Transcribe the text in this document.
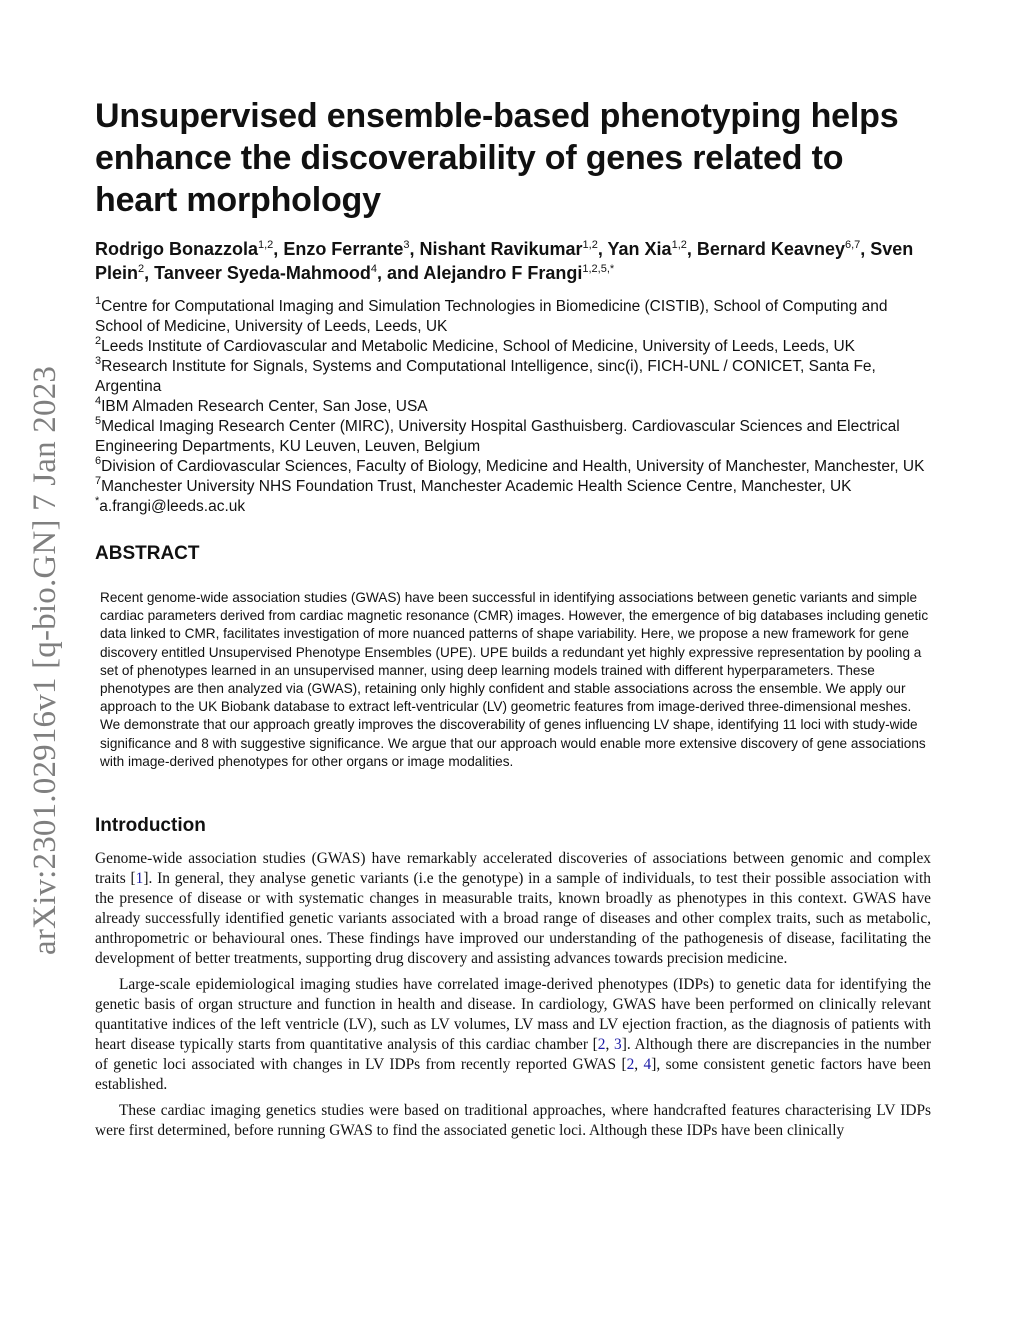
arXiv:2301.02916v1 [q-bio.GN] 7 Jan 2023
Unsupervised ensemble-based phenotyping helps enhance the discoverability of genes related to heart morphology
Rodrigo Bonazzola$^{1,2}$, Enzo Ferrante$^3$, Nishant Ravikumar$^{1,2}$, Yan Xia$^{1,2}$, Bernard Keavney$^{6,7}$, Sven Plein$^2$, Tanveer Syeda-Mahmood$^4$, and Alejandro F Frangi$^{1,2,5,*}$

$^1$Centre for Computational Imaging and Simulation Technologies in Biomedicine (CISTIB), School of Computing and School of Medicine, University of Leeds, Leeds, UK

$^2$Leeds Institute of Cardiovascular and Metabolic Medicine, School of Medicine, University of Leeds, Leeds, UK

$^3$Research Institute for Signals, Systems and Computational Intelligence, sinc(i), FICH-UNL / CONICET, Santa Fe, Argentina

$^4$IBM Almaden Research Center, San Jose, USA

$^5$Medical Imaging Research Center (MIRC), University Hospital Gasthuisberg. Cardiovascular Sciences and Electrical Engineering Departments, KU Leuven, Leuven, Belgium

$^6$Division of Cardiovascular Sciences, Faculty of Biology, Medicine and Health, University of Manchester, Manchester, UK

$^7$Manchester University NHS Foundation Trust, Manchester Academic Health Science Centre, Manchester, UK

*a.frangi@leeds.ac.uk

ABSTRACT

Recent genome-wide association studies (GWAS) have been successful in identifying associations between genetic variants and simple cardiac parameters derived from cardiac magnetic resonance (CMR) images. However, the emergence of big databases including genetic data linked to CMR, facilitates investigation of more nuanced patterns of shape variability. Here, we propose a new framework for gene discovery entitled Unsupervised Phenotype Ensembles (UPE). UPE builds a redundant yet highly expressive representation by pooling a set of phenotypes learned in an unsupervised manner, using deep learning models trained with different hyperparameters. These phenotypes are then analyzed via (GWAS), retaining only highly confident and stable associations across the ensemble. We apply our approach to the UK Biobank database to extract left-ventricular (LV) geometric features from image-derived three-dimensional meshes. We demonstrate that our approach greatly improves the discoverability of genes influencing LV shape, identifying 11 loci with study-wide significance and 8 with suggestive significance. We argue that our approach would enable more extensive discovery of gene associations with image-derived phenotypes for other organs or image modalities.

Introduction

Genome-wide association studies (GWAS) have remarkably accelerated discoveries of associations between genomic and complex traits [1]. In general, they analyse genetic variants (i.e the genotype) in a sample of individuals, to test their possible association with the presence of disease or with systematic changes in measurable traits, known broadly as phenotypes in this context. GWAS have already successfully identified genetic variants associated with a broad range of diseases and other complex traits, such as metabolic, anthropometric or behavioural ones. These findings have improved our understanding of the pathogenesis of disease, facilitating the development of better treatments, supporting drug discovery and assisting advances towards precision medicine.

Large-scale epidemiological imaging studies have correlated image-derived phenotypes (IDPs) to genetic data for identifying the genetic basis of organ structure and function in health and disease. In cardiology, GWAS have been performed on clinically relevant quantitative indices of the left ventricle (LV), such as LV volumes, LV mass and LV ejection fraction, as the diagnosis of patients with heart disease typically starts from quantitative analysis of this cardiac chamber [2, 3]. Although there are discrepancies in the number of genetic loci associated with changes in LV IDPs from recently reported GWAS [2, 4], some consistent genetic factors have been established.

These cardiac imaging genetics studies were based on traditional approaches, where handcrafted features characterising LV IDPs were first determined, before running GWAS to find the associated genetic loci. Although these IDPs have been clinically
